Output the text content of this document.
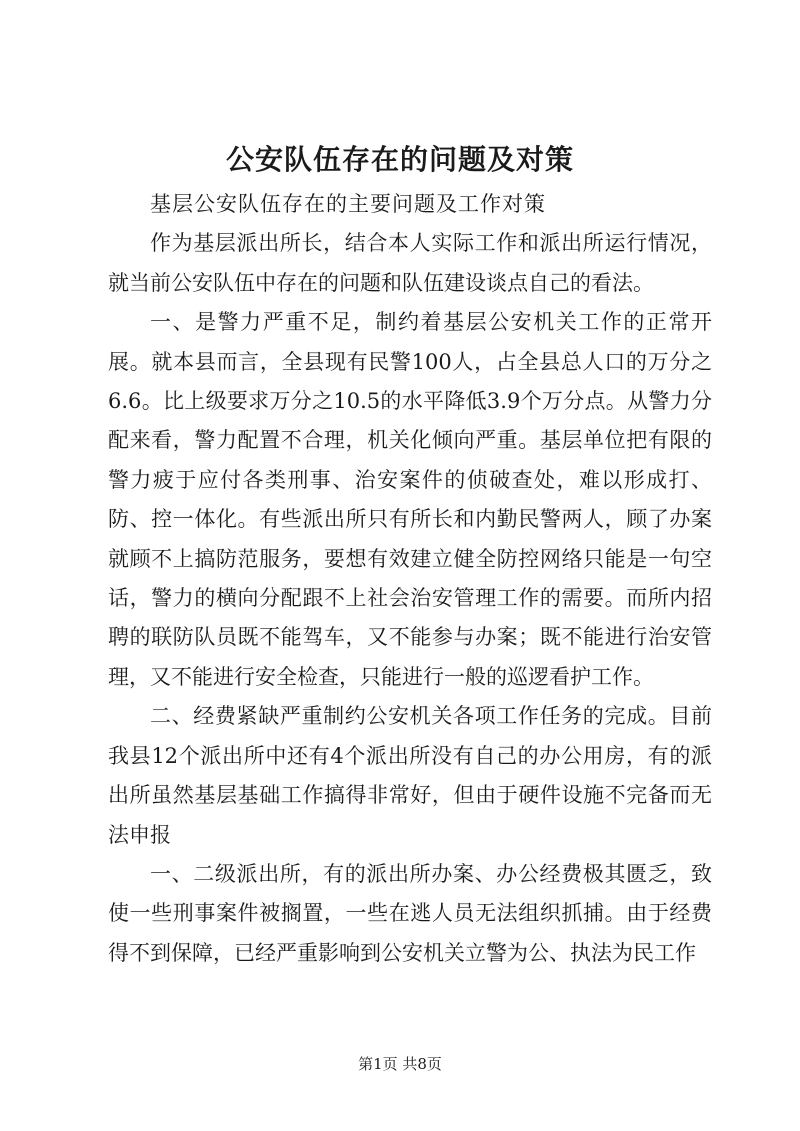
公安队伍存在的问题及对策

基层公安队伍存在的主要问题及工作对策

作为基层派出所长，结合本人实际工作和派出所运行情况，就当前公安队伍中存在的问题和队伍建设谈点自己的看法。

一、是警力严重不足，制约着基层公安机关工作的正常开展。就本县而言，全县现有民警100人，占全县总人口的万分之6.6。比上级要求万分之10.5的水平降低3.9个万分点。从警力分配来看，警力配置不合理，机关化倾向严重。基层单位把有限的警力疲于应付各类刑事、治安案件的侦破查处，难以形成打、防、控一体化。有些派出所只有所长和内勤民警两人，顾了办案就顾不上搞防范服务，要想有效建立健全防控网络只能是一句空话，警力的横向分配跟不上社会治安管理工作的需要。而所内招聘的联防队员既不能驾车，又不能参与办案；既不能进行治安管理，又不能进行安全检查，只能进行一般的巡逻看护工作。

二、经费紧缺严重制约公安机关各项工作任务的完成。目前我县12个派出所中还有4个派出所没有自己的办公用房，有的派出所虽然基层基础工作搞得非常好，但由于硬件设施不完备而无法申报

一、二级派出所，有的派出所办案、办公经费极其匮乏，致使一些刑事案件被搁置，一些在逃人员无法组织抓捕。由于经费得不到保障，已经严重影响到公安机关立警为公、执法为民工作

第1页 共8页
